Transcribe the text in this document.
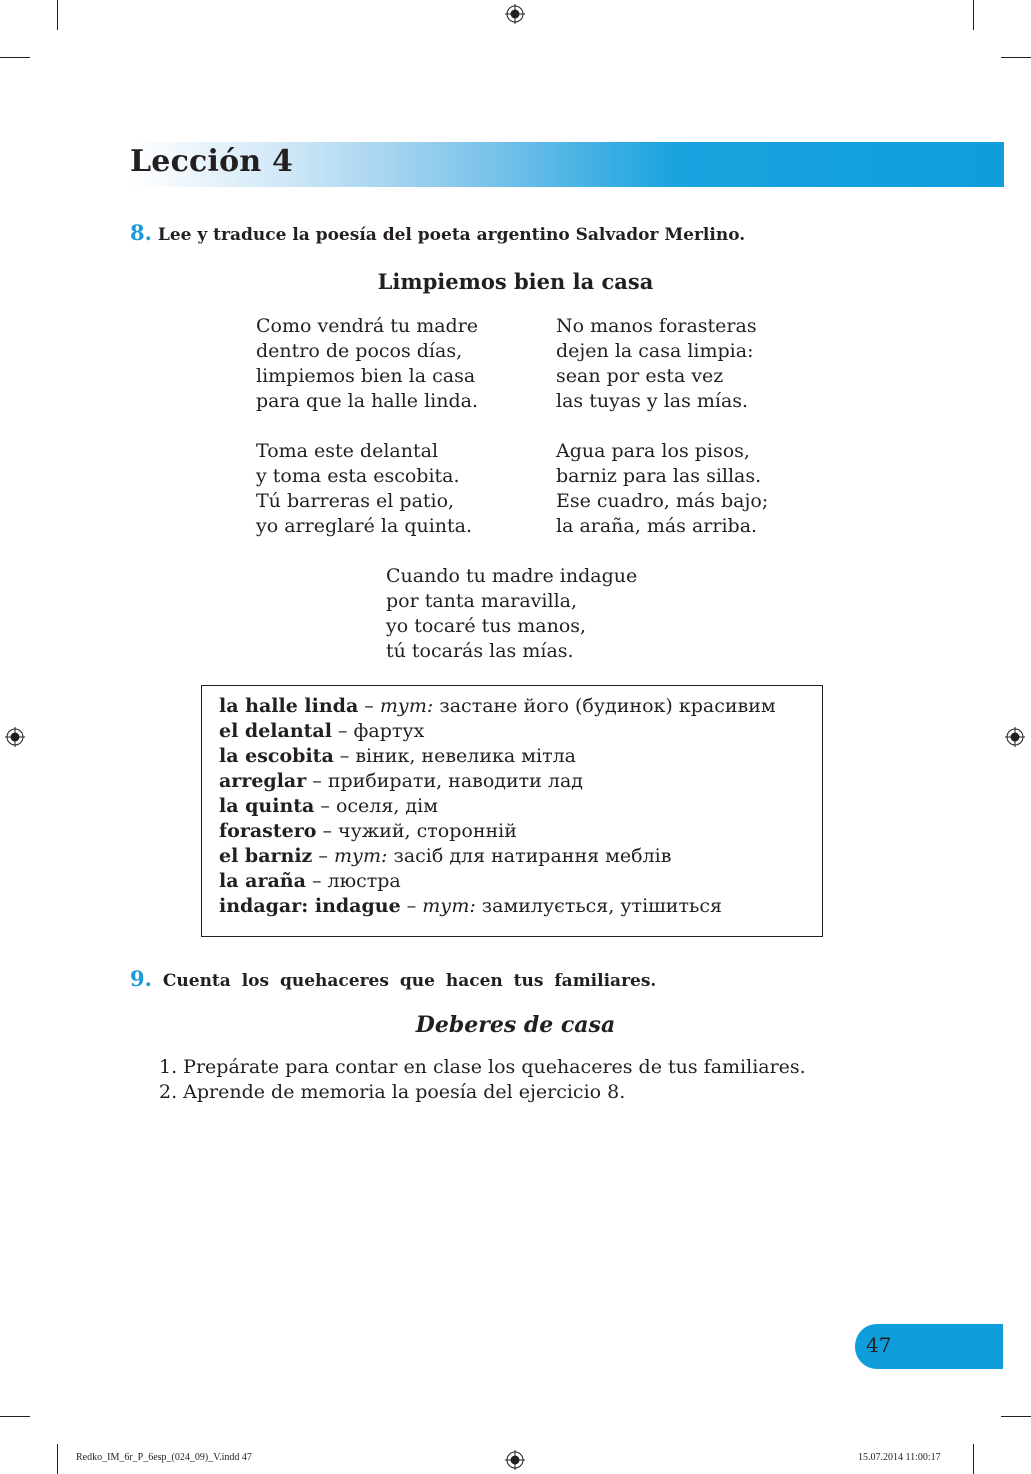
Lección 4
8. Lee y traduce la poesía del poeta argentino Salvador Merlino.
Limpiemos bien la casa
Como vendrá tu madre
dentro de pocos días,
limpiemos bien la casa
para que la halle linda.
No manos forasteras
dejen la casa limpia:
sean por esta vez
las tuyas y las mías.
Toma este delantal
y toma esta escobita.
Tú barreras el patio,
yo arreglaré la quinta.
Agua para los pisos,
barniz para las sillas.
Ese cuadro, más bajo;
la araña, más arriba.
Cuando tu madre indague
por tanta maravilla,
yo tocaré tus manos,
tú tocarás las mías.
la halle linda – тут: застане його (будинок) красивим
el delantal – фартух
la escobita – віник, невелика мітла
arreglar – прибирати, наводити лад
la quinta – оселя, дім
forastero – чужий, сторонній
el barniz – тут: засіб для натирання меблів
la araña – люстра
indagar: indague – тут: замилується, утішиться
9. Cuenta los quehaceres que hacen tus familiares.
Deberes de casa
1. Prepárate para contar en clase los quehaceres de tus familiares.
2. Aprende de memoria la poesía del ejercicio 8.
47
Redko_IM_6r_P_6esp_(024_09)_V.indd 47	15.07.2014 11:00:17
